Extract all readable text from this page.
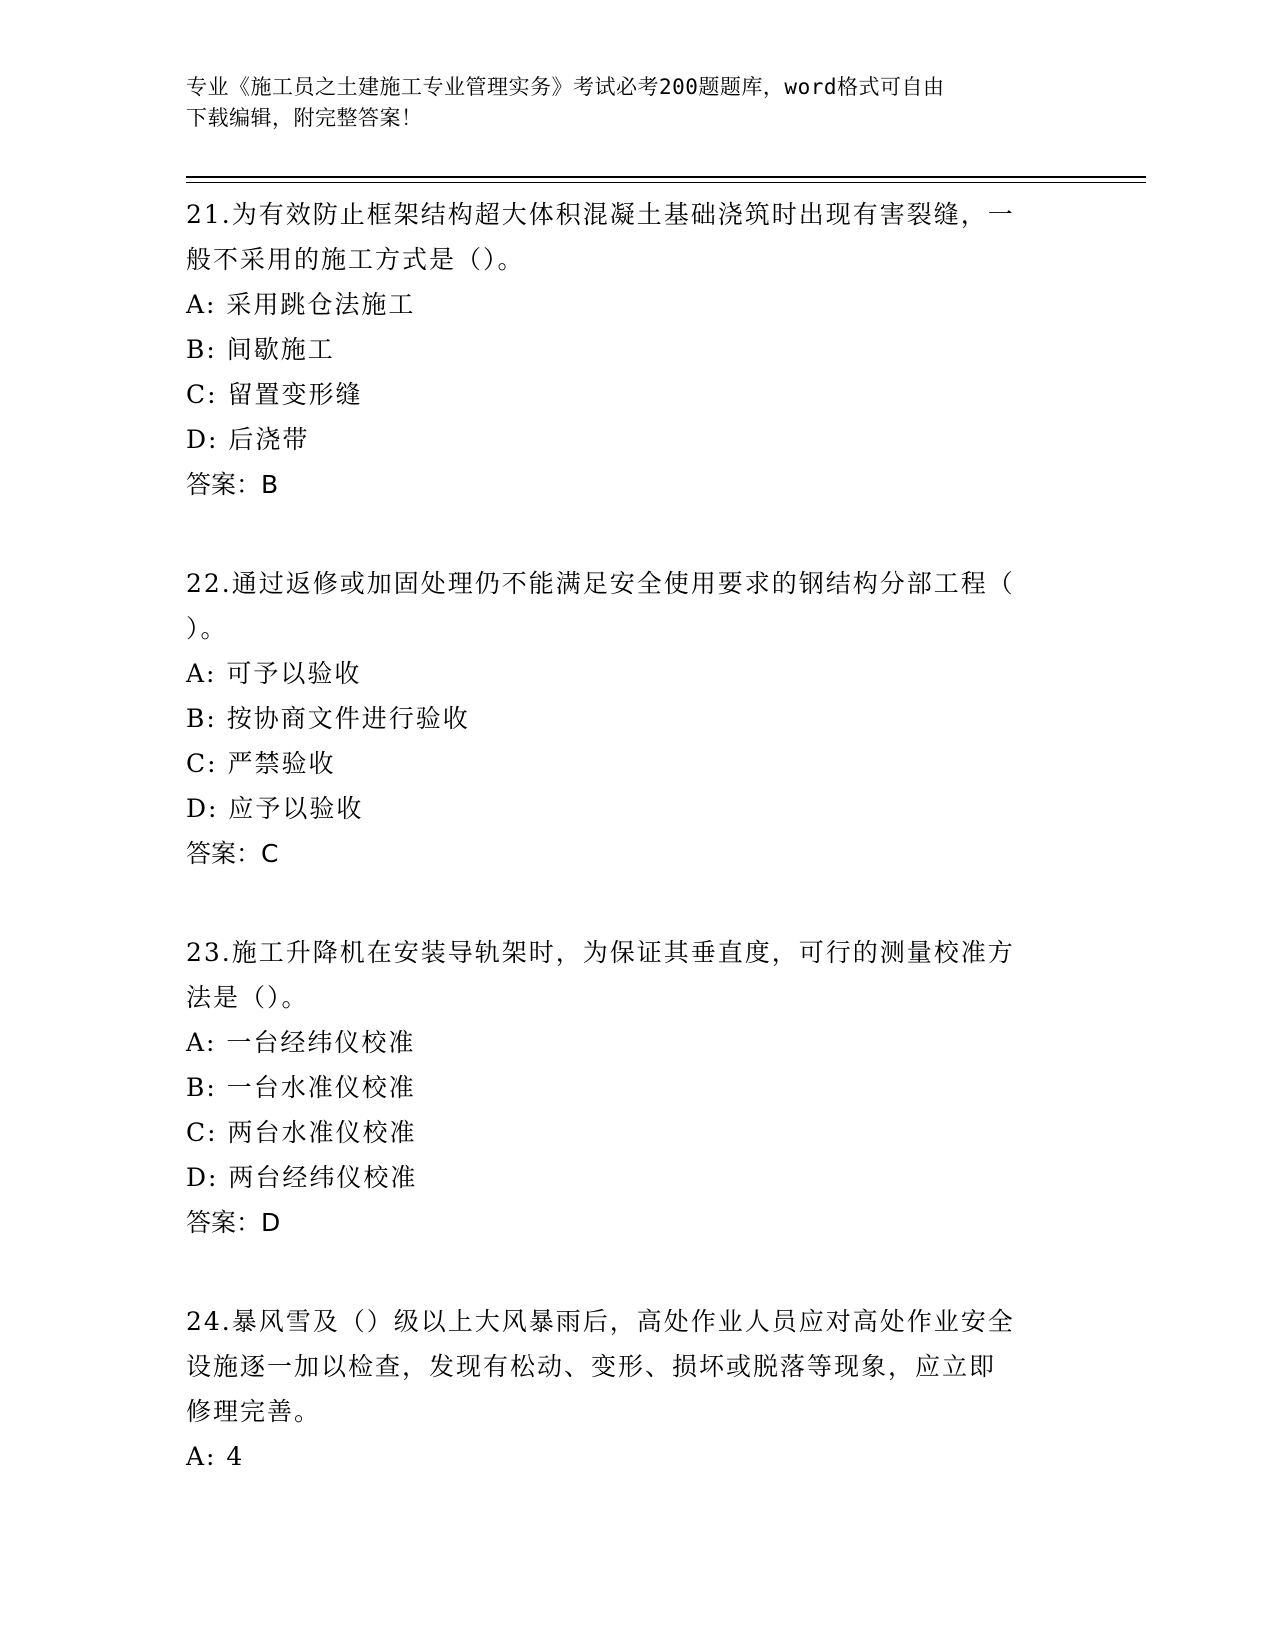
专业《施工员之土建施工专业管理实务》考试必考200题题库，word格式可自由
下载编辑，附完整答案！

21.为有效防止框架结构超大体积混凝土基础浇筑时出现有害裂缝，一

般不采用的施工方式是（）。

A: 采用跳仓法施工

B: 间歇施工

C: 留置变形缝

D: 后浇带

答案：B

22.通过返修或加固处理仍不能满足安全使用要求的钢结构分部工程（

）。

A: 可予以验收

B: 按协商文件进行验收

C: 严禁验收

D: 应予以验收

答案：C

23.施工升降机在安装导轨架时，为保证其垂直度，可行的测量校准方

法是（）。

A: 一台经纬仪校准

B: 一台水准仪校准

C: 两台水准仪校准

D: 两台经纬仪校准

答案：D

24.暴风雪及（）级以上大风暴雨后，高处作业人员应对高处作业安全

设施逐一加以检查，发现有松动、变形、损坏或脱落等现象，应立即

修理完善。

A: 4
